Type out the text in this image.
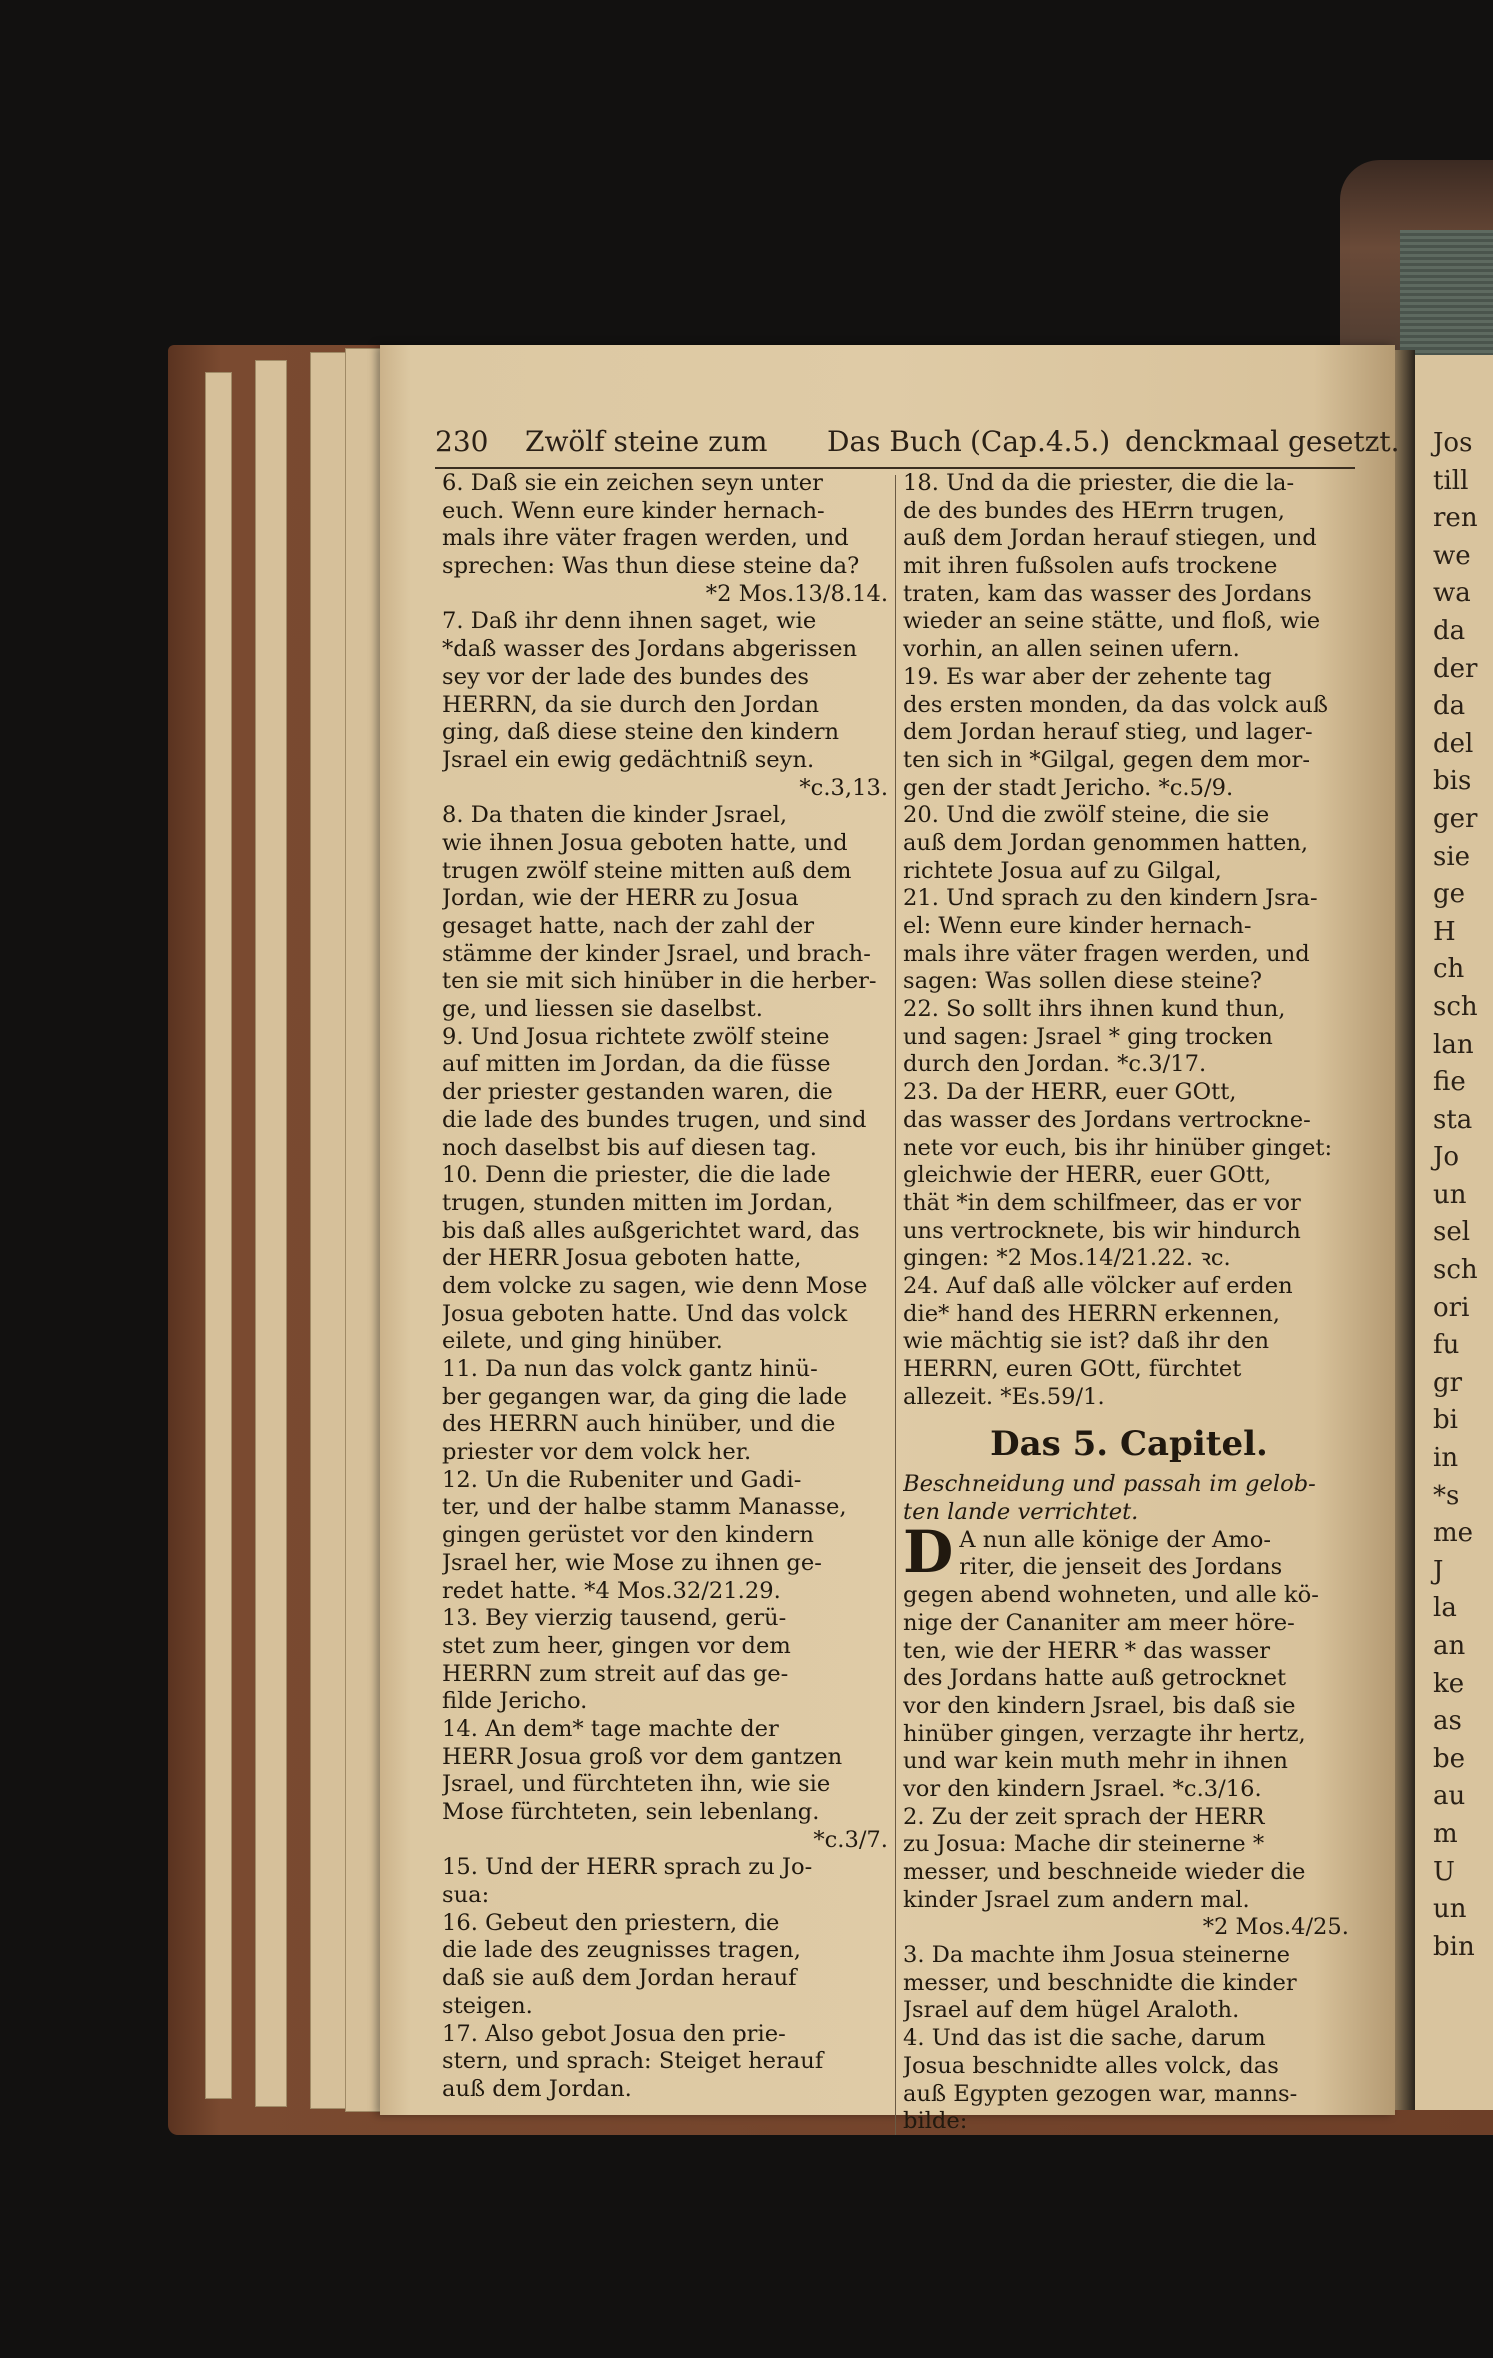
Jos
till
ren
we
wa
da
der
da
del
bis
ger
sie
ge
H
ch
sch
lan
fie
sta
Jo
un
sel
sch
ori
fu
gr
bi
in
*s
me
J
la
an
ke
as
be
au
m
U
un
bin
230 Zwölf steine zum Das Buch (Cap.4.5.) denckmaal gesetzt.
6. Daß sie ein zeichen seyn unter
euch. Wenn eure kinder hernach-
mals ihre väter fragen werden, und
sprechen: Was thun diese steine da?
*2 Mos.13/8.14.
7. Daß ihr denn ihnen saget, wie
*daß wasser des Jordans abgerissen
sey vor der lade des bundes des
HERRN, da sie durch den Jordan
ging, daß diese steine den kindern
Jsrael ein ewig gedächtniß seyn.
*c.3,13.
8. Da thaten die kinder Jsrael,
wie ihnen Josua geboten hatte, und
trugen zwölf steine mitten auß dem
Jordan, wie der HERR zu Josua
gesaget hatte, nach der zahl der
stämme der kinder Jsrael, und brach-
ten sie mit sich hinüber in die herber-
ge, und liessen sie daselbst.
9. Und Josua richtete zwölf steine
auf mitten im Jordan, da die füsse
der priester gestanden waren, die
die lade des bundes trugen, und sind
noch daselbst bis auf diesen tag.
10. Denn die priester, die die lade
trugen, stunden mitten im Jordan,
bis daß alles außgerichtet ward, das
der HERR Josua geboten hatte,
dem volcke zu sagen, wie denn Mose
Josua geboten hatte. Und das volck
eilete, und ging hinüber.
11. Da nun das volck gantz hinü-
ber gegangen war, da ging die lade
des HERRN auch hinüber, und die
priester vor dem volck her.
12. Un die Rubeniter und Gadi-
ter, und der halbe stamm Manasse,
gingen gerüstet vor den kindern
Jsrael her, wie Mose zu ihnen ge-
redet hatte. *4 Mos.32/21.29.
13. Bey vierzig tausend, gerü-
stet zum heer, gingen vor dem
HERRN zum streit auf das ge-
filde Jericho.
14. An dem* tage machte der
HERR Josua groß vor dem gantzen
Jsrael, und fürchteten ihn, wie sie
Mose fürchteten, sein lebenlang.
*c.3/7.
15. Und der HERR sprach zu Jo-
sua:
16. Gebeut den priestern, die
die lade des zeugnisses tragen,
daß sie auß dem Jordan herauf
steigen.
17. Also gebot Josua den prie-
stern, und sprach: Steiget herauf
auß dem Jordan.
18. Und da die priester, die die la-
de des bundes des HErrn trugen,
auß dem Jordan herauf stiegen, und
mit ihren fußsolen aufs trockene
traten, kam das wasser des Jordans
wieder an seine stätte, und floß, wie
vorhin, an allen seinen ufern.
19. Es war aber der zehente tag
des ersten monden, da das volck auß
dem Jordan herauf stieg, und lager-
ten sich in *Gilgal, gegen dem mor-
gen der stadt Jericho. *c.5/9.
20. Und die zwölf steine, die sie
auß dem Jordan genommen hatten,
richtete Josua auf zu Gilgal,
21. Und sprach zu den kindern Jsra-
el: Wenn eure kinder hernach-
mals ihre väter fragen werden, und
sagen: Was sollen diese steine?
22. So sollt ihrs ihnen kund thun,
und sagen: Jsrael * ging trocken
durch den Jordan. *c.3/17.
23. Da der HERR, euer GOtt,
das wasser des Jordans vertrockne-
nete vor euch, bis ihr hinüber ginget:
gleichwie der HERR, euer GOtt,
thät *in dem schilfmeer, das er vor
uns vertrocknete, bis wir hindurch
gingen: *2 Mos.14/21.22. ꝛc.
24. Auf daß alle völcker auf erden
die* hand des HERRN erkennen,
wie mächtig sie ist? daß ihr den
HERRN, euren GOtt, fürchtet
allezeit. *Es.59/1.
Das 5. Capitel.
Beschneidung und passah im gelob-
ten lande verrichtet.
D A nun alle könige der Amo-
riter, die jenseit des Jordans
gegen abend wohneten, und alle kö-
nige der Cananiter am meer höre-
ten, wie der HERR * das wasser
des Jordans hatte auß getrocknet
vor den kindern Jsrael, bis daß sie
hinüber gingen, verzagte ihr hertz,
und war kein muth mehr in ihnen
vor den kindern Jsrael. *c.3/16.
2. Zu der zeit sprach der HERR
zu Josua: Mache dir steinerne *
messer, und beschneide wieder die
kinder Jsrael zum andern mal.
*2 Mos.4/25.
3. Da machte ihm Josua steinerne
messer, und beschnidte die kinder
Jsrael auf dem hügel Araloth.
4. Und das ist die sache, darum
Josua beschnidte alles volck, das
auß Egypten gezogen war, manns-
bilde:
